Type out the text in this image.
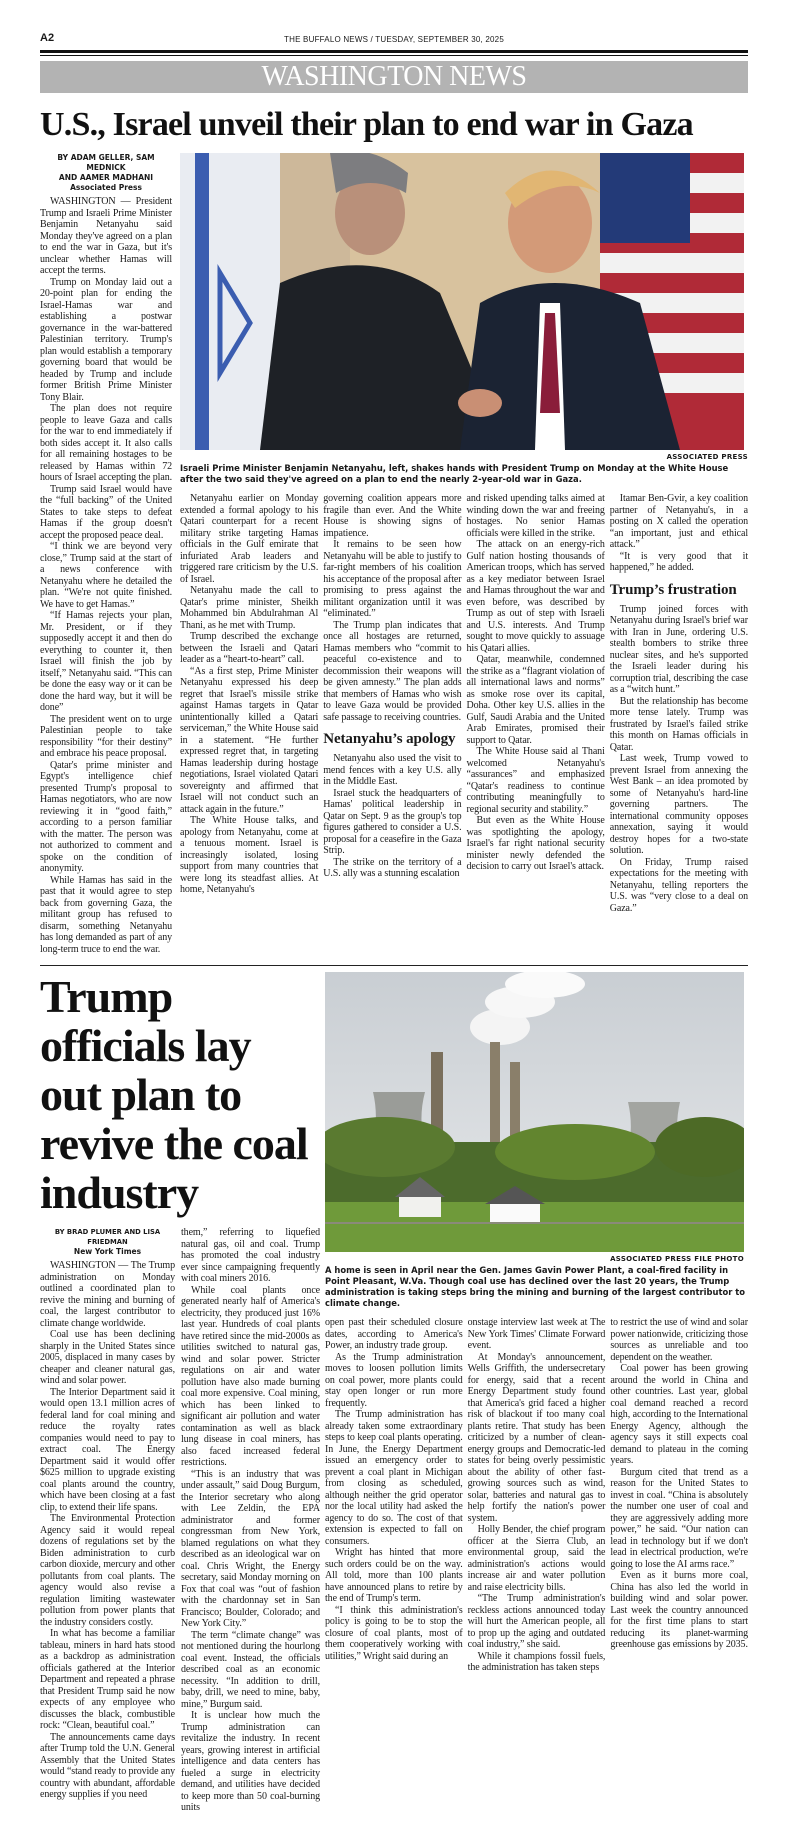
A2	THE BUFFALO NEWS / TUESDAY, SEPTEMBER 30, 2025
WASHINGTON NEWS
U.S., Israel unveil their plan to end war in Gaza
BY ADAM GELLER, SAM MEDNICK
AND AAMER MADHANI
Associated Press

WASHINGTON — President Trump and Israeli Prime Minister Benjamin Netanyahu said Monday they've agreed on a plan to end the war in Gaza, but it's unclear whether Hamas will accept the terms.

Trump on Monday laid out a 20-point plan for ending the Israel-Hamas war and establishing a postwar governance in the war-battered Palestinian territory. Trump's plan would establish a temporary governing board that would be headed by Trump and include former British Prime Minister Tony Blair.

The plan does not require people to leave Gaza and calls for the war to end immediately if both sides accept it. It also calls for all remaining hostages to be released by Hamas within 72 hours of Israel accepting the plan.

Trump said Israel would have the “full backing” of the United States to take steps to defeat Hamas if the group doesn't accept the proposed peace deal.

“I think we are beyond very close,” Trump said at the start of a news conference with Netanyahu where he detailed the plan. “We're not quite finished. We have to get Hamas.”

“If Hamas rejects your plan, Mr. President, or if they supposedly accept it and then do everything to counter it, then Israel will finish the job by itself,” Netanyahu said. “This can be done the easy way or it can be done the hard way, but it will be done”

The president went on to urge Palestinian people to take responsibility “for their destiny” and embrace his peace proposal.

Qatar's prime minister and Egypt's intelligence chief presented Trump's proposal to Hamas negotiators, who are now reviewing it in “good faith,” according to a person familiar with the matter. The person was not authorized to comment and spoke on the condition of anonymity.

While Hamas has said in the past that it would agree to step back from governing Gaza, the militant group has refused to disarm, something Netanyahu has long demanded as part of any long-term truce to end the war.

ASSOCIATED PRESS
Israeli Prime Minister Benjamin Netanyahu, left, shakes hands with President Trump on Monday at the White House after the two said they've agreed on a plan to end the nearly 2-year-old war in Gaza.

Netanyahu earlier on Monday extended a formal apology to his Qatari counterpart for a recent military strike targeting Hamas officials in the Gulf emirate that infuriated Arab leaders and triggered rare criticism by the U.S. of Israel.

Netanyahu made the call to Qatar's prime minister, Sheikh Mohammed bin Abdulrahman Al Thani, as he met with Trump.

Trump described the exchange between the Israeli and Qatari leader as a “heart-to-heart” call.

“As a first step, Prime Minister Netanyahu expressed his deep regret that Israel's missile strike against Hamas targets in Qatar unintentionally killed a Qatari serviceman,” the White House said in a statement. “He further expressed regret that, in targeting Hamas leadership during hostage negotiations, Israel violated Qatari sovereignty and affirmed that Israel will not conduct such an attack again in the future.”

The White House talks, and apology from Netanyahu, come at a tenuous moment. Israel is increasingly isolated, losing support from many countries that were long its steadfast allies. At home, Netanyahu's

governing coalition appears more fragile than ever. And the White House is showing signs of impatience.

It remains to be seen how Netanyahu will be able to justify to far-right members of his coalition his acceptance of the proposal after promising to press against the militant organization until it was “eliminated.”

The Trump plan indicates that once all hostages are returned, Hamas members who “commit to peaceful co-existence and to decommission their weapons will be given amnesty.” The plan adds that members of Hamas who wish to leave Gaza would be provided safe passage to receiving countries.

Netanyahu’s apology

Netanyahu also used the visit to mend fences with a key U.S. ally in the Middle East.

Israel stuck the headquarters of Hamas' political leadership in Qatar on Sept. 9 as the group's top figures gathered to consider a U.S. proposal for a ceasefire in the Gaza Strip.

The strike on the territory of a U.S. ally was a stunning escalation

and risked upending talks aimed at winding down the war and freeing hostages. No senior Hamas officials were killed in the strike.

The attack on an energy-rich Gulf nation hosting thousands of American troops, which has served as a key mediator between Israel and Hamas throughout the war and even before, was described by Trump as out of step with Israeli and U.S. interests. And Trump sought to move quickly to assuage his Qatari allies.

Qatar, meanwhile, condemned the strike as a “flagrant violation of all international laws and norms” as smoke rose over its capital, Doha. Other key U.S. allies in the Gulf, Saudi Arabia and the United Arab Emirates, promised their support to Qatar.

The White House said al Thani welcomed Netanyahu's “assurances” and emphasized “Qatar's readiness to continue contributing meaningfully to regional security and stability.”

But even as the White House was spotlighting the apology, Israel's far right national security minister newly defended the decision to carry out Israel's attack.

Itamar Ben-Gvir, a key coalition partner of Netanyahu's, in a posting on X called the operation “an important, just and ethical attack.”

“It is very good that it happened,” he added.

Trump’s frustration

Trump joined forces with Netanyahu during Israel's brief war with Iran in June, ordering U.S. stealth bombers to strike three nuclear sites, and he's supported the Israeli leader during his corruption trial, describing the case as a “witch hunt.”

But the relationship has become more tense lately. Trump was frustrated by Israel's failed strike this month on Hamas officials in Qatar.

Last week, Trump vowed to prevent Israel from annexing the West Bank – an idea promoted by some of Netanyahu's hard-line governing partners. The international community opposes annexation, saying it would destroy hopes for a two-state solution.

On Friday, Trump raised expectations for the meeting with Netanyahu, telling reporters the U.S. was “very close to a deal on Gaza.”

Trump officials lay out plan to revive the coal industry
BY BRAD PLUMER AND LISA FRIEDMAN
New York Times

WASHINGTON — The Trump administration on Monday outlined a coordinated plan to revive the mining and burning of coal, the largest contributor to climate change worldwide.

Coal use has been declining sharply in the United States since 2005, displaced in many cases by cheaper and cleaner natural gas, wind and solar power.

The Interior Department said it would open 13.1 million acres of federal land for coal mining and reduce the royalty rates companies would need to pay to extract coal. The Energy Department said it would offer $625 million to upgrade existing coal plants around the country, which have been closing at a fast clip, to extend their life spans.

The Environmental Protection Agency said it would repeal dozens of regulations set by the Biden administration to curb carbon dioxide, mercury and other pollutants from coal plants. The agency would also revise a regulation limiting wastewater pollution from power plants that the industry considers costly.

In what has become a familiar tableau, miners in hard hats stood as a backdrop as administration officials gathered at the Interior Department and repeated a phrase that President Trump said he now expects of any employee who discusses the black, combustible rock: “Clean, beautiful coal.”

The announcements came days after Trump told the U.N. General Assembly that the United States would “stand ready to provide any country with abundant, affordable energy supplies if you need

them,” referring to liquefied natural gas, oil and coal. Trump has promoted the coal industry ever since campaigning frequently with coal miners 2016.

While coal plants once generated nearly half of America's electricity, they produced just 16% last year. Hundreds of coal plants have retired since the mid-2000s as utilities switched to natural gas, wind and solar power. Stricter regulations on air and water pollution have also made burning coal more expensive. Coal mining, which has been linked to significant air pollution and water contamination as well as black lung disease in coal miners, has also faced increased federal restrictions.

“This is an industry that was under assault,” said Doug Burgum, the Interior secretary who along with Lee Zeldin, the EPA administrator and former congressman from New York, blamed regulations on what they described as an ideological war on coal. Chris Wright, the Energy secretary, said Monday morning on Fox that coal was “out of fashion with the chardonnay set in San Francisco; Boulder, Colorado; and New York City.”

The term “climate change” was not mentioned during the hourlong coal event. Instead, the officials described coal as an economic necessity. “In addition to drill, baby, drill, we need to mine, baby, mine,” Burgum said.

It is unclear how much the Trump administration can revitalize the industry. In recent years, growing interest in artificial intelligence and data centers has fueled a surge in electricity demand, and utilities have decided to keep more than 50 coal-burning units

ASSOCIATED PRESS FILE PHOTO
A home is seen in April near the Gen. James Gavin Power Plant, a coal-fired facility in Point Pleasant, W.Va. Though coal use has declined over the last 20 years, the Trump administration is taking steps bring the mining and burning of the largest contributor to climate change.

open past their scheduled closure dates, according to America's Power, an industry trade group.

As the Trump administration moves to loosen pollution limits on coal power, more plants could stay open longer or run more frequently.

The Trump administration has already taken some extraordinary steps to keep coal plants operating. In June, the Energy Department issued an emergency order to prevent a coal plant in Michigan from closing as scheduled, although neither the grid operator nor the local utility had asked the agency to do so. The cost of that extension is expected to fall on consumers.

Wright has hinted that more such orders could be on the way. All told, more than 100 plants have announced plans to retire by the end of Trump's term.

“I think this administration's policy is going to be to stop the closure of coal plants, most of them cooperatively working with utilities,” Wright said during an

onstage interview last week at The New York Times' Climate Forward event.

At Monday's announcement, Wells Griffith, the undersecretary for energy, said that a recent Energy Department study found that America's grid faced a higher risk of blackout if too many coal plants retire. That study has been criticized by a number of clean-energy groups and Democratic-led states for being overly pessimistic about the ability of other fast-growing sources such as wind, solar, batteries and natural gas to help fortify the nation's power system.

Holly Bender, the chief program officer at the Sierra Club, an environmental group, said the administration's actions would increase air and water pollution and raise electricity bills.

“The Trump administration's reckless actions announced today will hurt the American people, all to prop up the aging and outdated coal industry,” she said.

While it champions fossil fuels, the administration has taken steps

to restrict the use of wind and solar power nationwide, criticizing those sources as unreliable and too dependent on the weather.

Coal power has been growing around the world in China and other countries. Last year, global coal demand reached a record high, according to the International Energy Agency, although the agency says it still expects coal demand to plateau in the coming years.

Burgum cited that trend as a reason for the United States to invest in coal. “China is absolutely the number one user of coal and they are aggressively adding more power,” he said. “Our nation can lead in technology but if we don't lead in electrical production, we're going to lose the AI arms race.”

Even as it burns more coal, China has also led the world in building wind and solar power. Last week the country announced for the first time plans to start reducing its planet-warming greenhouse gas emissions by 2035.
